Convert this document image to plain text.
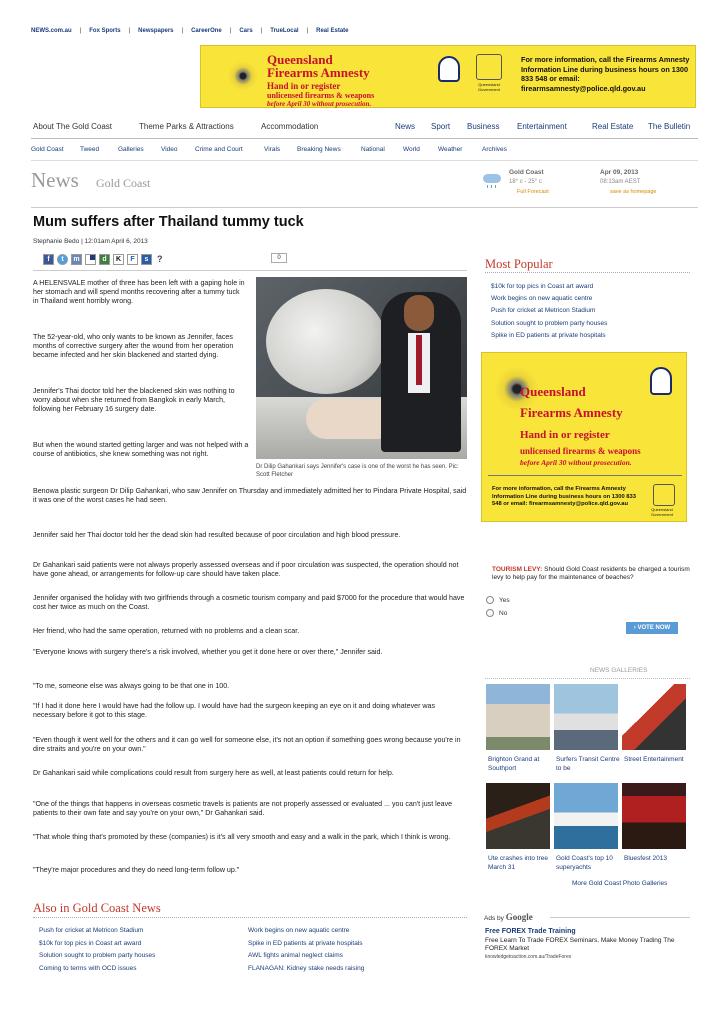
NEWS.com.au | Fox Sports | Newspapers | CareerOne | Cars | TrueLocal | Real Estate
Queensland
Firearms Amnesty
Hand in or register
unlicensed firearms & weapons
before April 30 without prosecution.
Queensland Government
For more information, call the Firearms Amnesty Information Line during business hours on 1300 833 548 or email: firearmsamnesty@police.qld.gov.au
About The Gold Coast	Theme Parks & Attractions	Accommodation	News Sport Business Entertainment	Real Estate The Bulletin
Gold Coast	Tweed	Galleries	Video	Crime and Court	Virals	Breaking News	National	World	Weather	Archives
News Gold Coast
Gold Coast
18° c - 25° c
Full Forecast
Apr 09, 2013
08:13am AEST
save as homepage
Mum suffers after Thailand tummy tuck
Stephanie Bedo | 12:01am April 6, 2013
f	t	m	d	K	F	s ?	0
Dr Dilip Gahankari says Jennifer's case is one of the worst he has seen. Pic: Scott Fletcher
A HELENSVALE mother of three has been left with a gaping hole in her stomach and will spend months recovering after a tummy tuck in Thailand went horribly wrong.
The 52-year-old, who only wants to be known as Jennifer, faces months of corrective surgery after the wound from her operation became infected and her skin blackened and started dying.
Jennifer's Thai doctor told her the blackened skin was nothing to worry about when she returned from Bangkok in early March, following her February 16 surgery date.
But when the wound started getting larger and was not helped with a course of antibiotics, she knew something was not right.
Benowa plastic surgeon Dr Dilip Gahankari, who saw Jennifer on Thursday and immediately admitted her to Pindara Private Hospital, said it was one of the worst cases he had seen.
Jennifer said her Thai doctor told her the dead skin had resulted because of poor circulation and high blood pressure.
Dr Gahankari said patients were not always properly assessed overseas and if poor circulation was suspected, the operation should not have gone ahead, or arrangements for follow-up care should have taken place.
Jennifer organised the holiday with two girlfriends through a cosmetic tourism company and paid $7000 for the procedure that would have cost her twice as much on the Coast.
Her friend, who had the same operation, returned with no problems and a clean scar.
"Everyone knows with surgery there's a risk involved, whether you get it done here or over there," Jennifer said.
"To me, someone else was always going to be that one in 100.
"If I had it done here I would have had the follow up. I would have had the surgeon keeping an eye on it and doing whatever was necessary before it got to this stage.
"Even though it went well for the others and it can go well for someone else, it's not an option if something goes wrong because you're in dire straits and you're on your own."
Dr Gahankari said while complications could result from surgery here as well, at least patients could return for help.
"One of the things that happens in overseas cosmetic travels is patients are not properly assessed or evaluated ... you can't just leave patients to their own fate and say you're on your own," Dr Gahankari said.
"That whole thing that's promoted by these (companies) is it's all very smooth and easy and a walk in the park, which I think is wrong.
"They're major procedures and they do need long-term follow up."
Most Popular
$10k for top pics in Coast art award
Work begins on new aquatic centre
Push for cricket at Metricon Stadium
Solution sought to problem party houses
Spike in ED patients at private hospitals
Queensland
Firearms Amnesty
Hand in or register
unlicensed firearms & weapons
before April 30 without prosecution.
For more information, call the Firearms Amnesty Information Line during business hours on 1300 833 548 or email: firearmsamnesty@police.qld.gov.au
Queensland Government
TOURISM LEVY: Should Gold Coast residents be charged a tourism levy to help pay for the maintenance of beaches?
Yes
No
› VOTE NOW
NEWS GALLERIES
Brighton Grand at Southport
Surfers Transit Centre to be
Street Entertainment
Ute crashes into tree March 31
Gold Coast's top 10 superyachts
Bluesfest 2013
More Gold Coast Photo Galleries
Also in Gold Coast News
Push for cricket at Metricon Stadium
$10k for top pics in Coast art award
Solution sought to problem party houses
Coming to terms with OCD issues
Work begins on new aquatic centre
Spike in ED patients at private hospitals
AWL fights animal neglect claims
FLANAGAN: Kidney stake needs raising
Ads by Google
Free FOREX Trade Training
Free Learn To Trade FOREX Seminars. Make Money Trading The FOREX Market
knowledgetoaction.com.au/TradeForex
